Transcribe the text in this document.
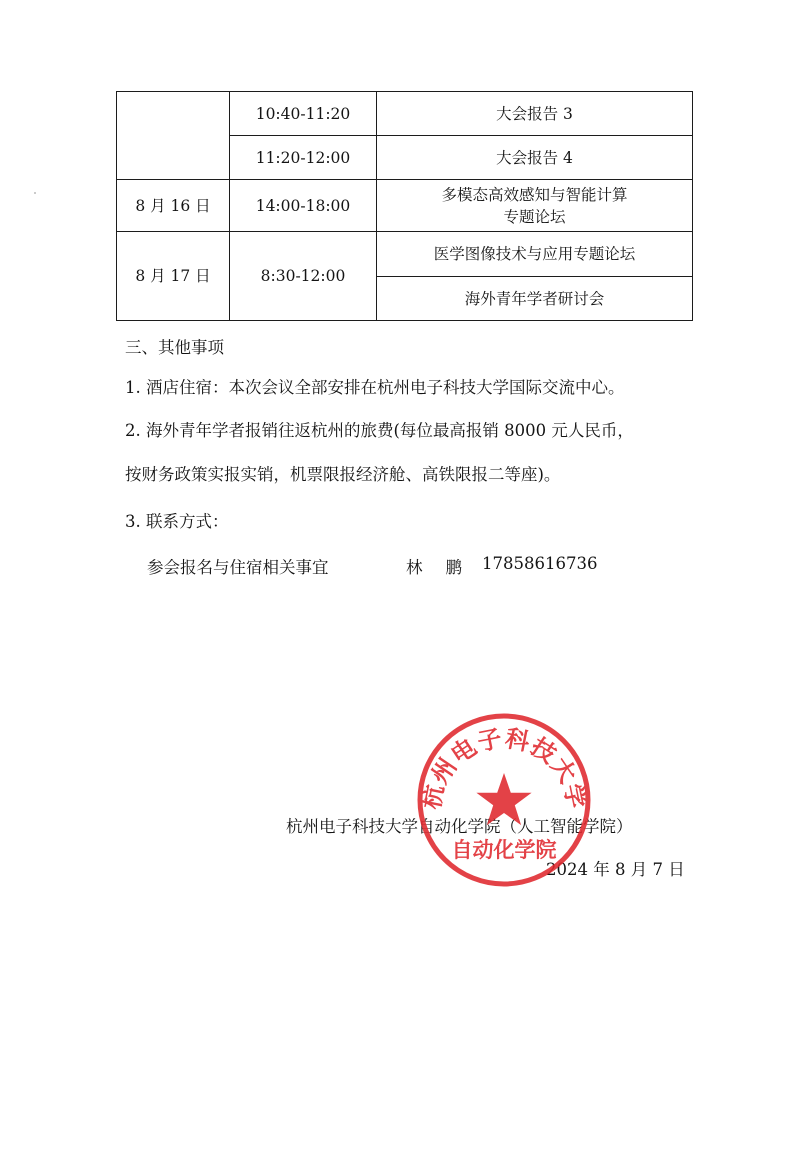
	10:40-11:20	大会报告 3
	11:20-12:00	大会报告 4
8 月 16 日	14:00-18:00	多模态高效感知与智能计算
专题论坛

8 月 17 日	8:30-12:00	医学图像技术与应用专题论坛
		海外青年学者研讨会
三、其他事项
1. 酒店住宿：本次会议全部安排在杭州电子科技大学国际交流中心。
2. 海外青年学者报销往返杭州的旅费(每位最高报销 8000 元人民币，
按财务政策实报实销，机票限报经济舱、高铁限报二等座)。
3. 联系方式：
参会报名与住宿相关事宜	林 鹏 17858616736
杭州电子科技大学自动化学院（人工智能学院）
2024 年 8 月 7 日
杭州电子科技大学
自动化学院
